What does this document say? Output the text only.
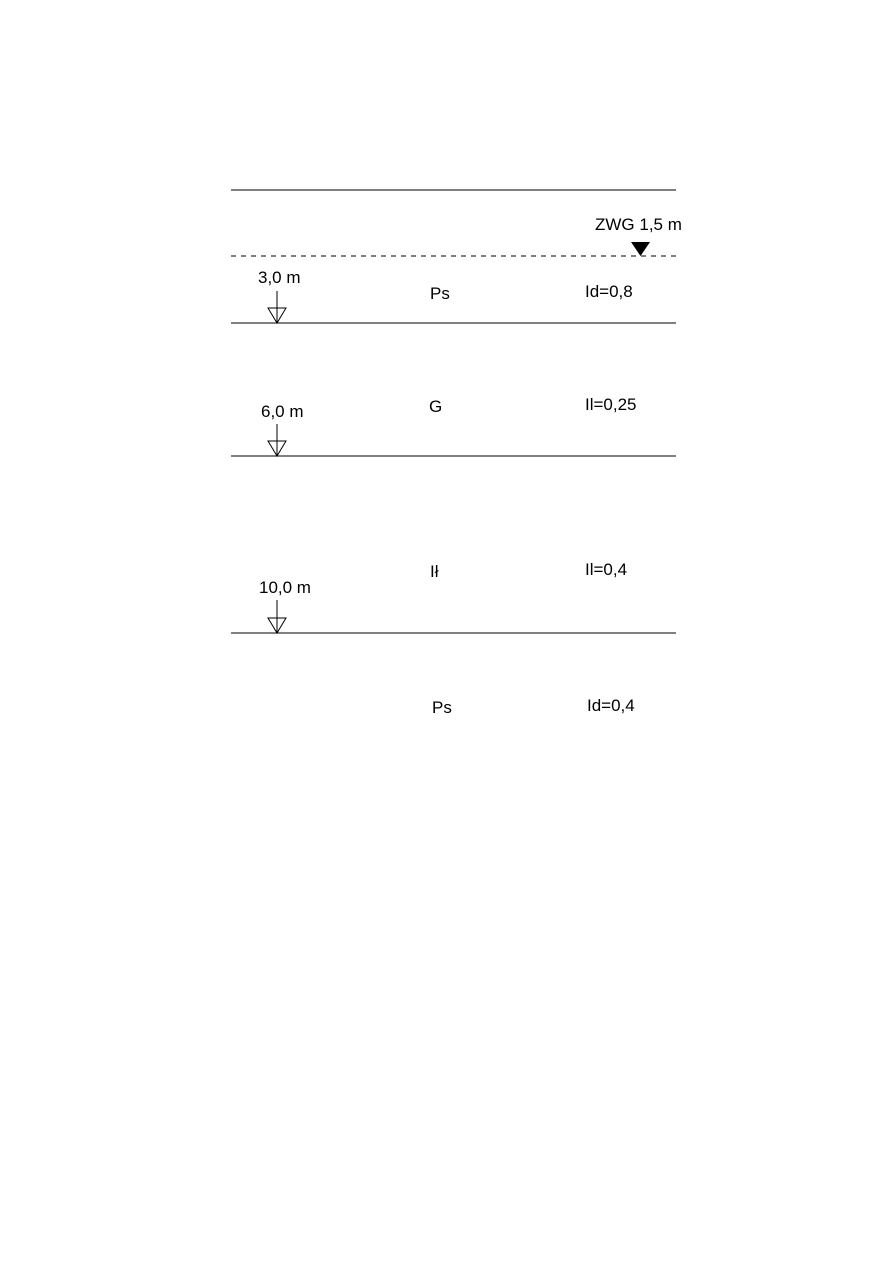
ZWG 1,5 m
Ps	Id=0,8
3,0 m
G	Il=0,25
6,0 m
Ił	Il=0,4
10,0 m
Ps	Id=0,4
